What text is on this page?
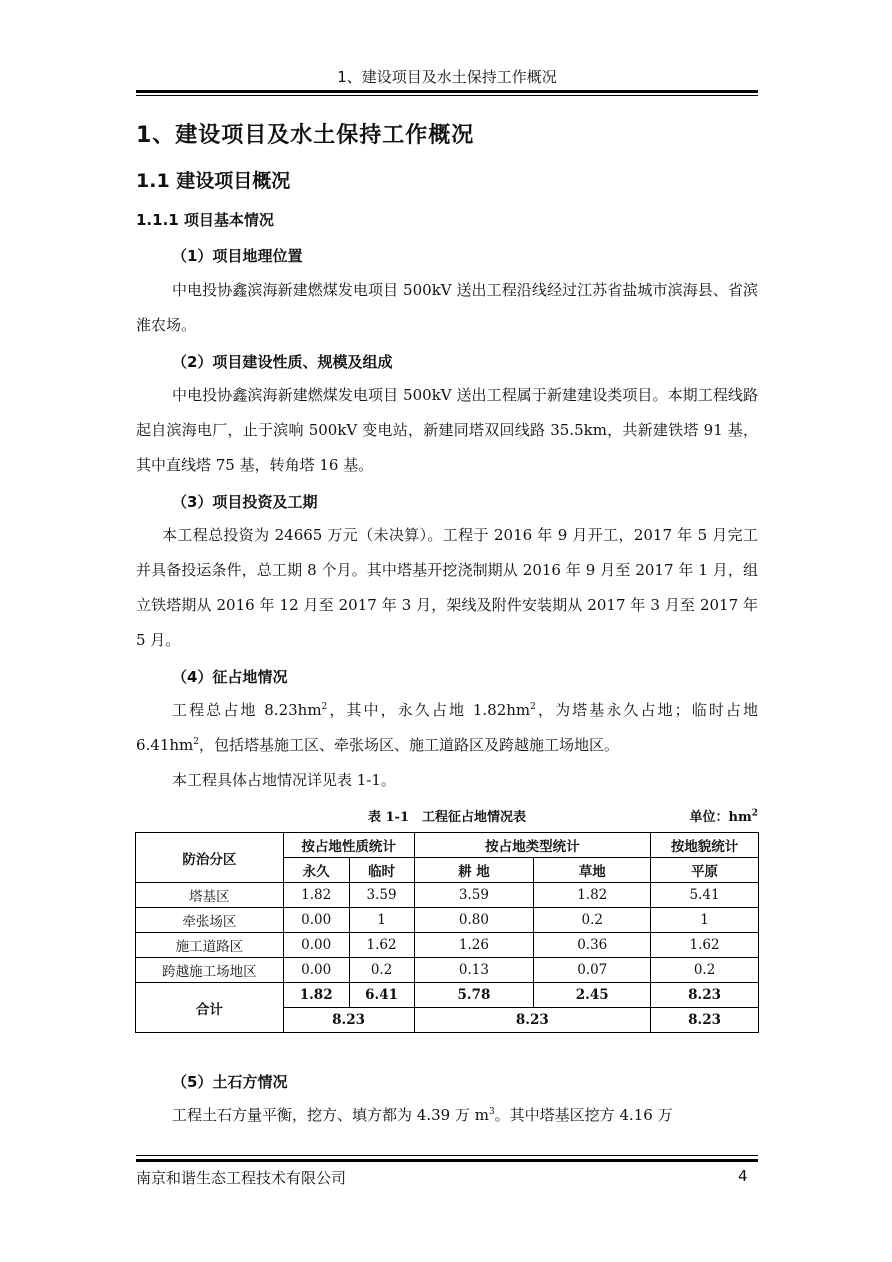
1、建设项目及水土保持工作概况
1、建设项目及水土保持工作概况
1.1 建设项目概况
1.1.1 项目基本情况
（1）项目地理位置
中电投协鑫滨海新建燃煤发电项目 500kV 送出工程沿线经过江苏省盐城市滨海县、省滨淮农场。
（2）项目建设性质、规模及组成
中电投协鑫滨海新建燃煤发电项目 500kV 送出工程属于新建建设类项目。本期工程线路起自滨海电厂，止于滨响 500kV 变电站，新建同塔双回线路 35.5km，共新建铁塔 91 基，其中直线塔 75 基，转角塔 16 基。
（3）项目投资及工期
本工程总投资为 24665 万元（未决算）。工程于 2016 年 9 月开工，2017 年 5 月完工并具备投运条件，总工期 8 个月。其中塔基开挖浇制期从 2016 年 9 月至 2017 年 1 月，组立铁塔期从 2016 年 12 月至 2017 年 3 月，架线及附件安装期从 2017 年 3 月至 2017 年 5 月。
（4）征占地情况
工程总占地 $8.23hm^2$，其中，永久占地 $1.82hm^2$，为塔基永久占地；临时占地 $6.41hm^2$，包括塔基施工区、牵张场区、施工道路区及跨越施工场地区。
本工程具体占地情况详见表 1-1。
表 1-1　工程征占地情况表	单位：$hm^2$
防治分区	按占地性质统计		按占地类型统计		按地貌统计
	永久	临时	耕 地	草地	平原
塔基区	1.82	3.59	3.59	1.82	5.41
牵张场区	0.00	1	0.80	0.2	1
施工道路区	0.00	1.62	1.26	0.36	1.62
跨越施工场地区	0.00	0.2	0.13	0.07	0.2
合计	1.82	6.41	5.78	2.45	8.23
	8.23		8.23		8.23
（5）土石方情况
工程土石方量平衡，挖方、填方都为 4.39 万 $m^3$。其中塔基区挖方 4.16 万
南京和谐生态工程技术有限公司	4
